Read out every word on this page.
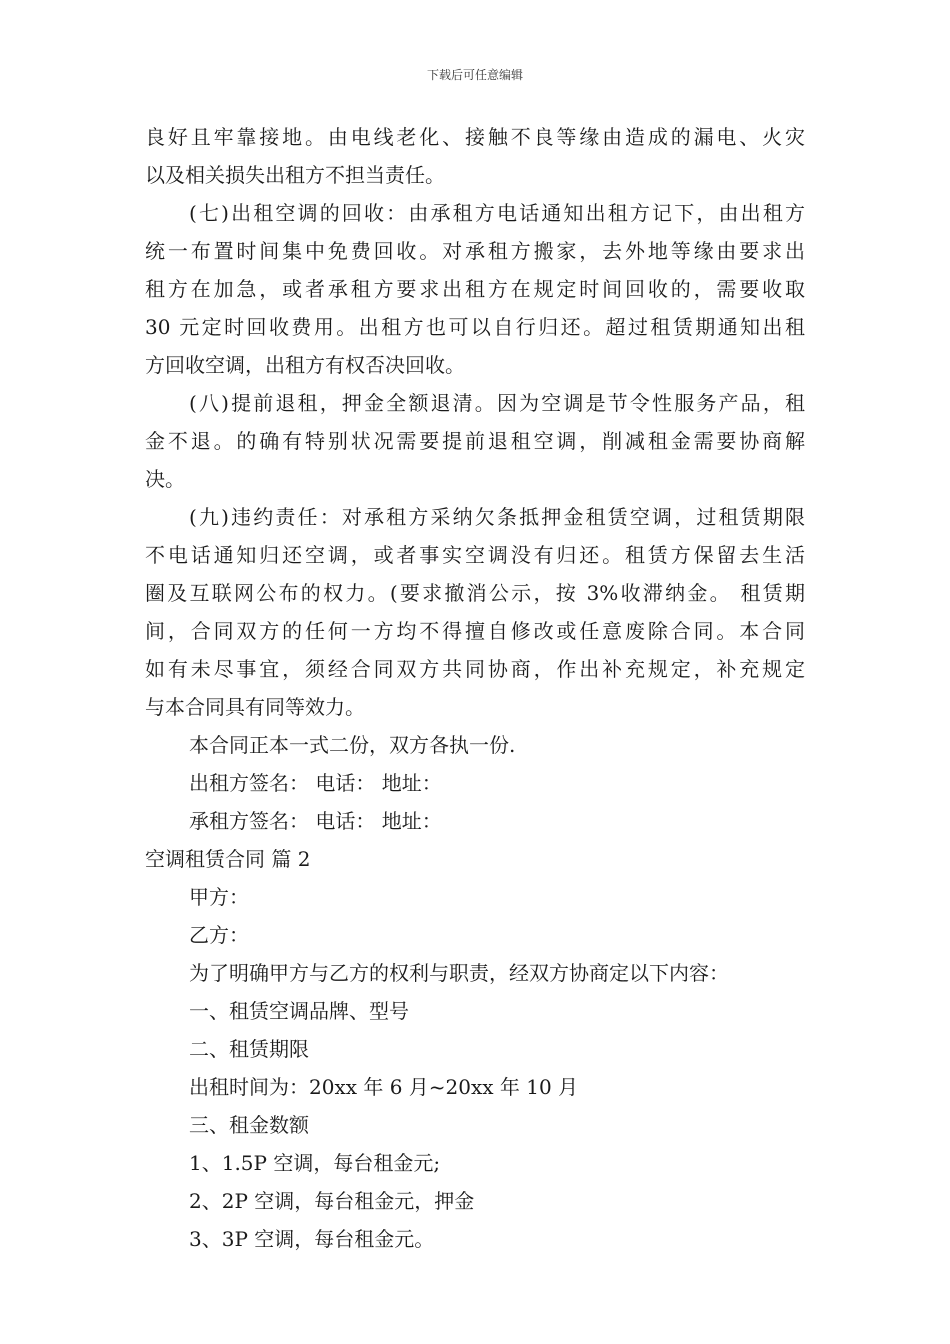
下载后可任意编辑
良好且牢靠接地。由电线老化、接触不良等缘由造成的漏电、火灾
以及相关损失出租方不担当责任。
(七)出租空调的回收：由承租方电话通知出租方记下，由出租方
统一布置时间集中免费回收。对承租方搬家，去外地等缘由要求出
租方在加急，或者承租方要求出租方在规定时间回收的，需要收取
30 元定时回收费用。出租方也可以自行归还。超过租赁期通知出租
方回收空调，出租方有权否决回收。
(八)提前退租，押金全额退清。因为空调是节令性服务产品，租
金不退。的确有特别状况需要提前退租空调，削减租金需要协商解
决。
(九)违约责任：对承租方采纳欠条抵押金租赁空调，过租赁期限
不电话通知归还空调，或者事实空调没有归还。租赁方保留去生活
圈及互联网公布的权力。(要求撤消公示，按 3%收滞纳金。 租赁期
间，合同双方的任何一方均不得擅自修改或任意废除合同。本合同
如有未尽事宜，须经合同双方共同协商，作出补充规定，补充规定
与本合同具有同等效力。
本合同正本一式二份，双方各执一份.
出租方签名： 电话： 地址：
承租方签名： 电话： 地址：
空调租赁合同 篇 2
甲方：
乙方：
为了明确甲方与乙方的权利与职责，经双方协商定以下内容：
一、租赁空调品牌、型号
二、租赁期限
出租时间为：20xx 年 6 月~20xx 年 10 月
三、租金数额
1、1.5P 空调，每台租金元;
2、2P 空调，每台租金元，押金
3、3P 空调，每台租金元。
